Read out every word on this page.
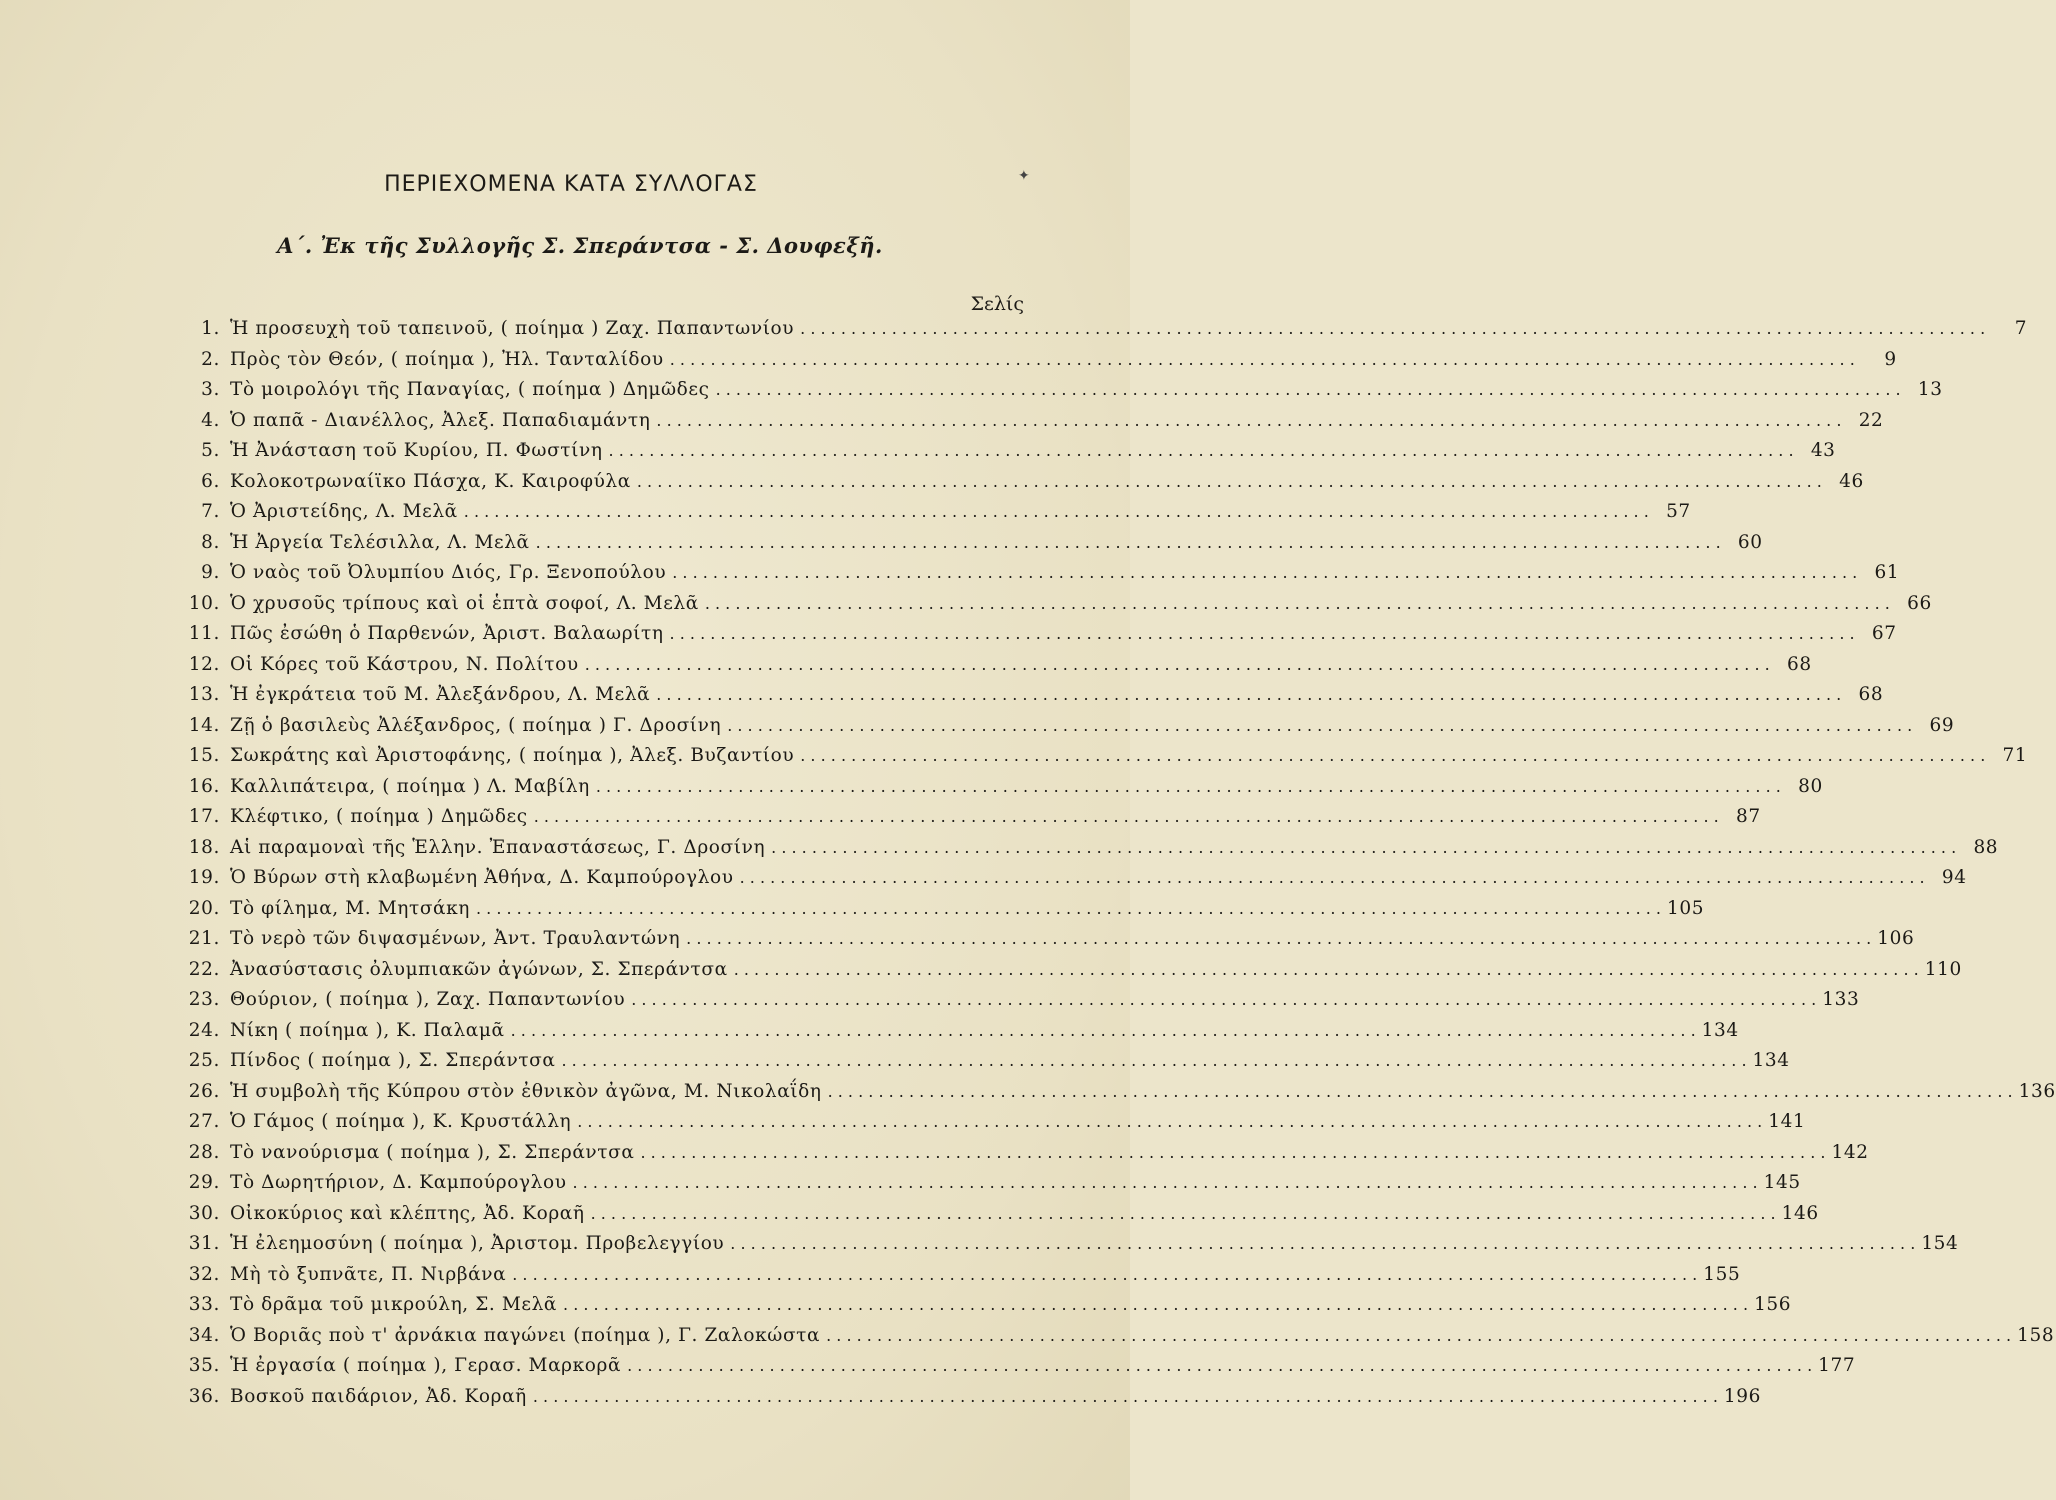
ΠΕΡΙΕΧΟΜΕΝΑ ΚΑΤΑ ΣΥΛΛΟΓΑΣ	✦
Α΄. Ἐκ τῆς Συλλογῆς Σ. Σπεράντσα - Σ. Δουφεξῆ.
Σελίς
1. Ἡ προσευχὴ τοῦ ταπεινοῦ, ( ποίημα ) Ζαχ. Παπαντωνίου . . .	7
2. Πρὸς τὸν Θεόν, ( ποίημα ), Ἠλ. Τανταλίδου . . .	9
3. Τὸ μοιρολόγι τῆς Παναγίας, ( ποίημα ) Δημῶδες . . .	13
4. Ὁ παπᾶ - Διανέλλος, Ἀλεξ. Παπαδιαμάντη . . .	22
5. Ἡ Ἀνάσταση τοῦ Κυρίου, Π. Φωστίνη . . .	43
6. Κολοκοτρωναίϊκο Πάσχα, Κ. Καιροφύλα . . .	46
7. Ὁ Ἀριστείδης, Λ. Μελᾶ . . .	57
8. Ἡ Ἀργεία Τελέσιλλα, Λ. Μελᾶ . . .	60
9. Ὁ ναὸς τοῦ Ὀλυμπίου Διός, Γρ. Ξενοπούλου . . .	61
10. Ὁ χρυσοῦς τρίπους καὶ οἱ ἑπτὰ σοφοί, Λ. Μελᾶ . . .	66
11. Πῶς ἐσώθη ὁ Παρθενών, Ἀριστ. Βαλαωρίτη . . .	67
12. Οἱ Κόρες τοῦ Κάστρου, Ν. Πολίτου . . .	68
13. Ἡ ἐγκράτεια τοῦ Μ. Ἀλεξάνδρου, Λ. Μελᾶ . . .	68
14. Ζῇ ὁ βασιλεὺς Ἀλέξανδρος, ( ποίημα ) Γ. Δροσίνη . . .	69
15. Σωκράτης καὶ Ἀριστοφάνης, ( ποίημα ), Ἀλεξ. Βυζαντίου . . .	71
16. Καλλιπάτειρα, ( ποίημα ) Λ. Μαβίλη . . .	80
17. Κλέφτικο, ( ποίημα ) Δημῶδες . . .	87
18. Αἱ παραμοναὶ τῆς Ἑλλην. Ἐπαναστάσεως, Γ. Δροσίνη . . .	88
19. Ὁ Βύρων στὴ κλαβωμένη Ἀθήνα, Δ. Καμπούρογλου . . .	94
20. Τὸ φίλημα, Μ. Μητσάκη . . .	105
21. Τὸ νερὸ τῶν διψασμένων, Ἀντ. Τραυλαντώνη . . .	106
22. Ἀνασύστασις ὀλυμπιακῶν ἀγώνων, Σ. Σπεράντσα . . .	110
23. Θούριον, ( ποίημα ), Ζαχ. Παπαντωνίου . . .	133
24. Νίκη ( ποίημα ), Κ. Παλαμᾶ . . .	134
25. Πίνδος ( ποίημα ), Σ. Σπεράντσα . . .	134
26. Ἡ συμβολὴ τῆς Κύπρου στὸν ἐθνικὸν ἀγῶνα, Μ. Νικολαΐδη . . .	136
27. Ὁ Γάμος ( ποίημα ), Κ. Κρυστάλλη . . .	141
28. Τὸ νανούρισμα ( ποίημα ), Σ. Σπεράντσα . . .	142
29. Τὸ Δωρητήριον, Δ. Καμπούρογλου . . .	145
30. Οἰκοκύριος καὶ κλέπτης, Ἀδ. Κοραῆ . . .	146
31. Ἡ ἐλεημοσύνη ( ποίημα ), Ἀριστομ. Προβελεγγίου . . .	154
32. Μὴ τὸ ξυπνᾶτε, Π. Νιρβάνα . . .	155
33. Τὸ δρᾶμα τοῦ μικρούλη, Σ. Μελᾶ . . .	156
34. Ὁ Βοριᾶς ποὺ τ' ἀρνάκια παγώνει (ποίημα ), Γ. Ζαλοκώστα . . .	158
35. Ἡ ἐργασία ( ποίημα ), Γερασ. Μαρκορᾶ . . .	177
36. Βοσκοῦ παιδάριον, Ἀδ. Κοραῆ . . .	196
